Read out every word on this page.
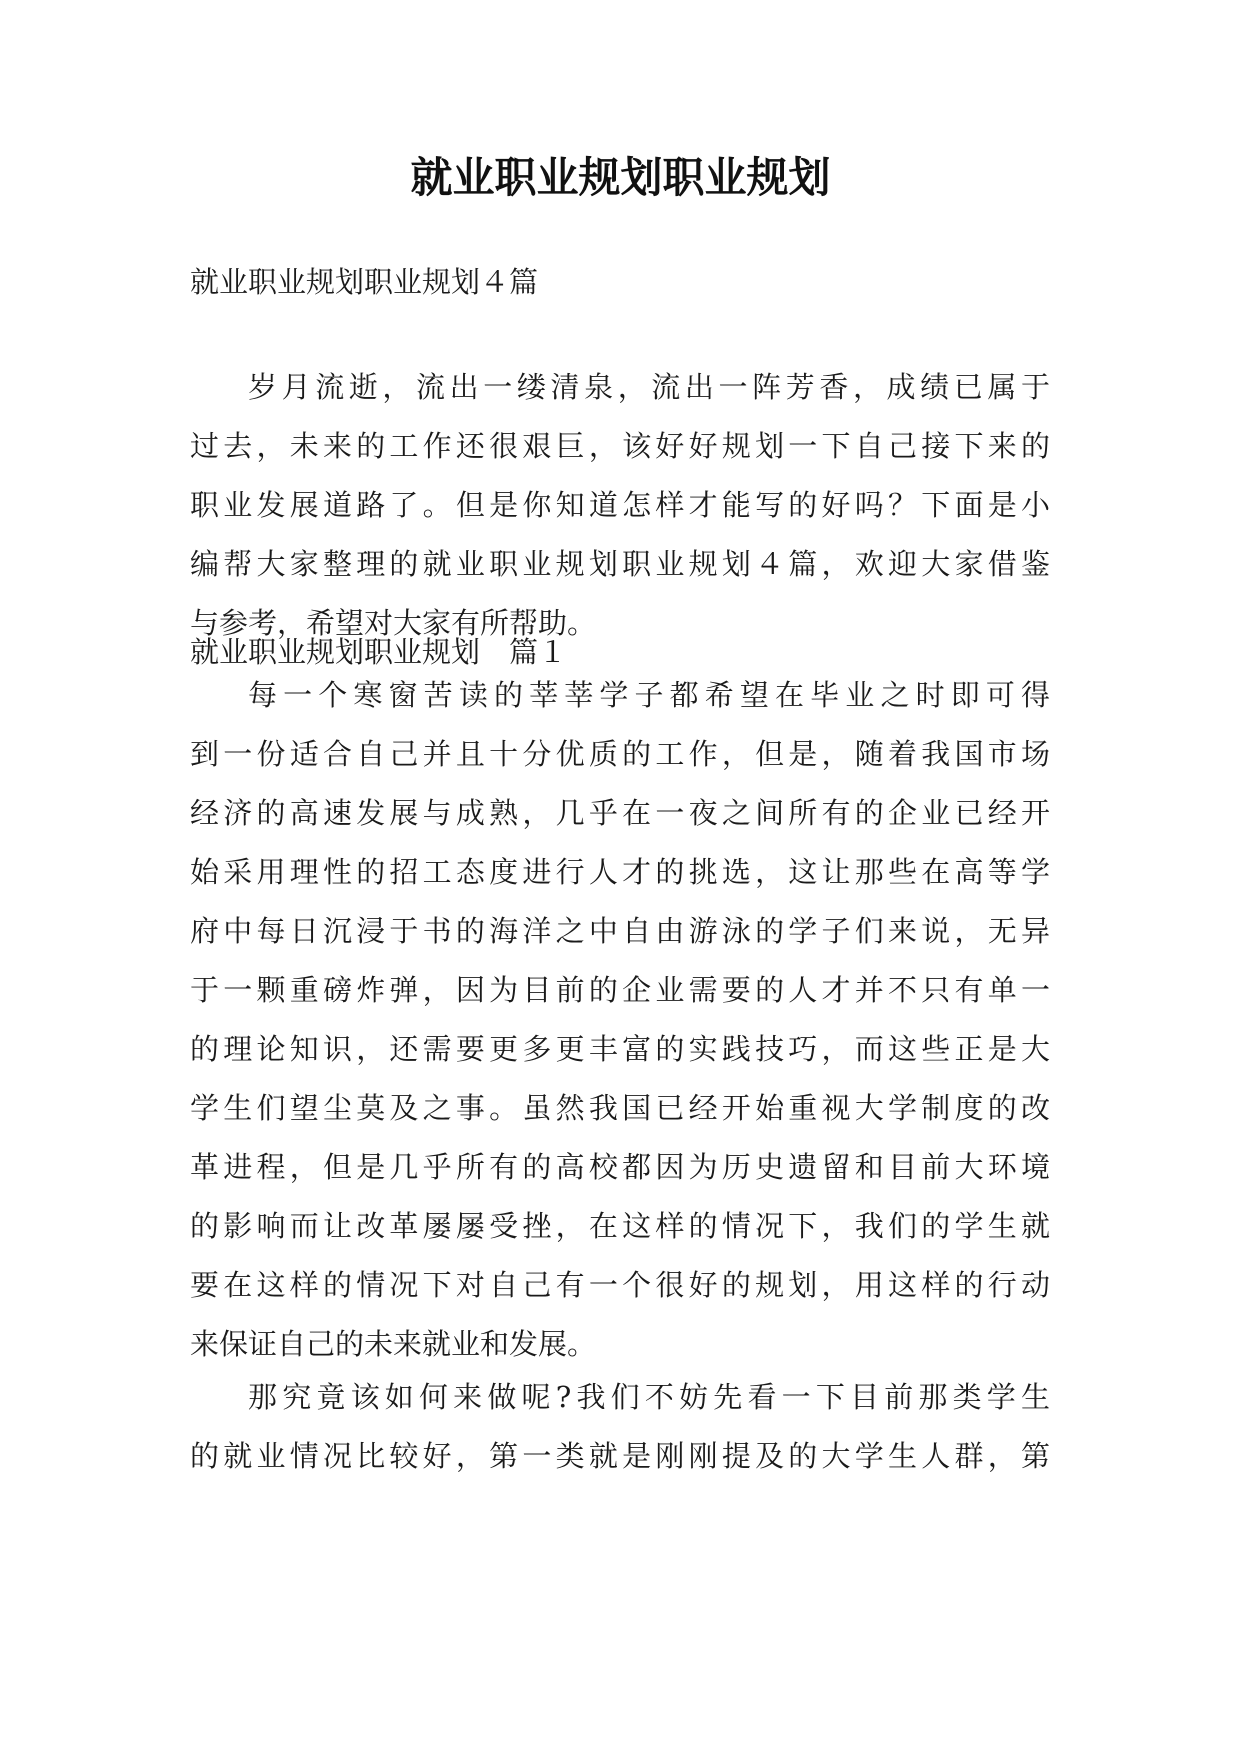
就业职业规划职业规划
就业职业规划职业规划４篇
岁月流逝，流出一缕清泉，流出一阵芳香，成绩已属于
过去，未来的工作还很艰巨，该好好规划一下自己接下来的
职业发展道路了。但是你知道怎样才能写的好吗？下面是小
编帮大家整理的就业职业规划职业规划４篇，欢迎大家借鉴
与参考，希望对大家有所帮助。
就业职业规划职业规划　篇１
每一个寒窗苦读的莘莘学子都希望在毕业之时即可得
到一份适合自己并且十分优质的工作，但是，随着我国市场
经济的高速发展与成熟，几乎在一夜之间所有的企业已经开
始采用理性的招工态度进行人才的挑选，这让那些在高等学
府中每日沉浸于书的海洋之中自由游泳的学子们来说，无异
于一颗重磅炸弹，因为目前的企业需要的人才并不只有单一
的理论知识，还需要更多更丰富的实践技巧，而这些正是大
学生们望尘莫及之事。虽然我国已经开始重视大学制度的改
革进程，但是几乎所有的高校都因为历史遗留和目前大环境
的影响而让改革屡屡受挫，在这样的情况下，我们的学生就
要在这样的情况下对自己有一个很好的规划，用这样的行动
来保证自己的未来就业和发展。
那究竟该如何来做呢?我们不妨先看一下目前那类学生
的就业情况比较好，第一类就是刚刚提及的大学生人群，第
